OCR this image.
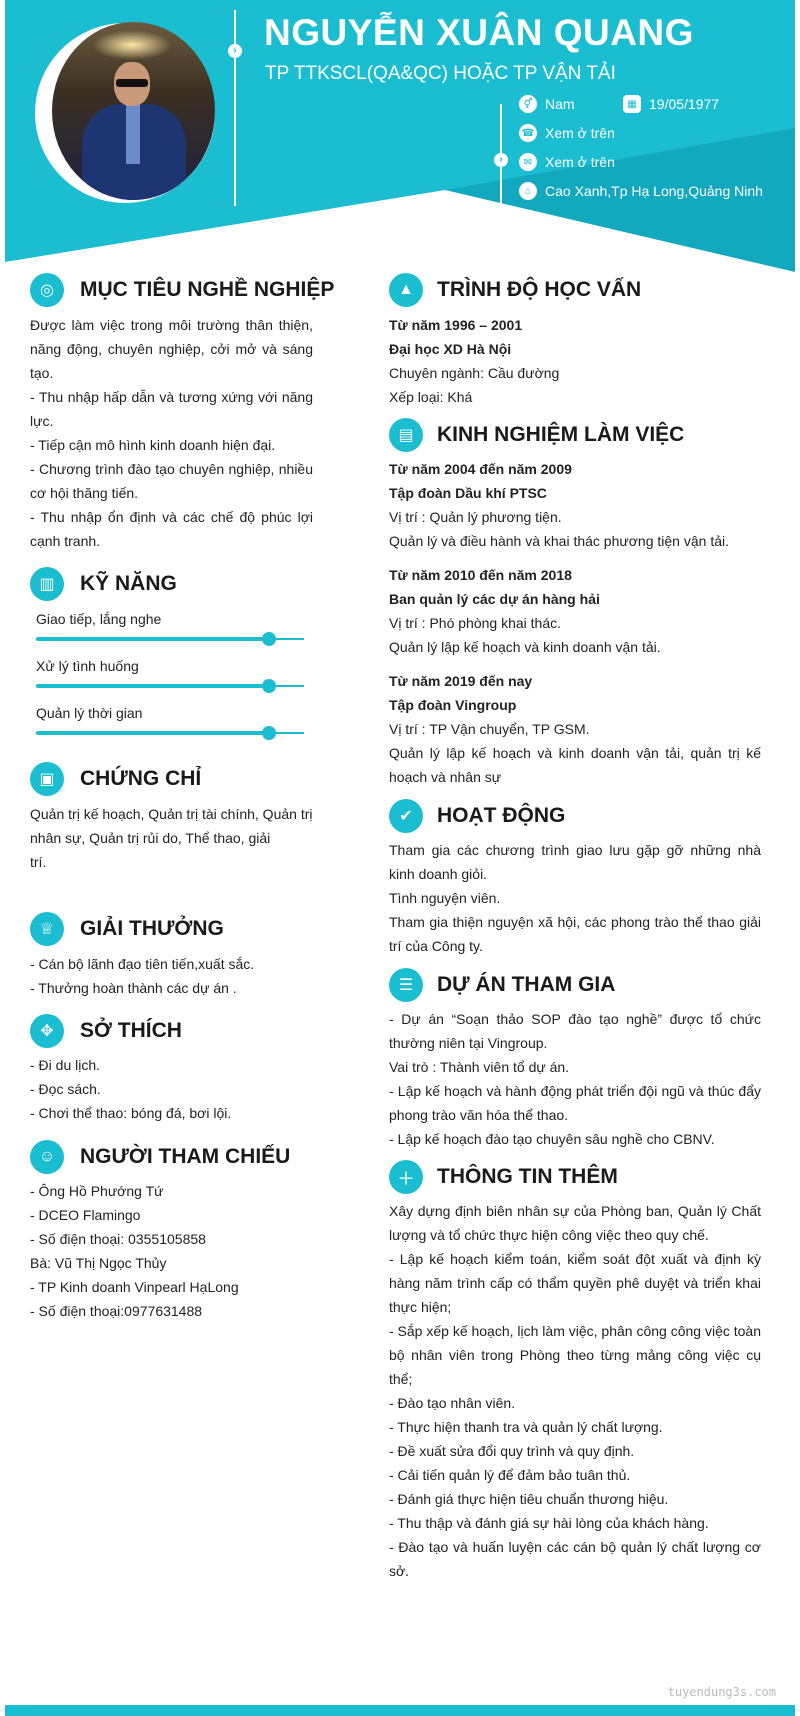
› NGUYỄN XUÂN QUANG
TP TTKSCL(QA&QC) HOẶC TP VẬN TẢI
›
⚥ Nam	▦ 19/05/1977
☎ Xem ở trên
✉ Xem ở trên
⌂ Cao Xanh,Tp Hạ Long,Quảng Ninh
◎	MỤC TIÊU NGHỀ NGHIỆP

Được làm việc trong môi trường thân thiện, năng động, chuyên nghiệp, cởi mở và sáng tạo.

- Thu nhập hấp dẫn và tương xứng với năng lực.

- Tiếp cận mô hình kinh doanh hiện đại.

- Chương trình đào tạo chuyên nghiệp, nhiều cơ hội thăng tiến.

- Thu nhập ổn định và các chế độ phúc lợi cạnh tranh.

▥	KỸ NĂNG
Giao tiếp, lắng nghe
Xử lý tình huống
Quản lý thời gian
▣	CHỨNG CHỈ

Quản trị kế hoạch, Quản trị tài chính, Quản trị

nhân sự, Quản trị rủi do, Thể thao, giải

trí.

♕	GIẢI THƯỞNG

- Cán bộ lãnh đạo tiên tiến,xuất sắc.

- Thưởng hoàn thành các dự án .

✥	SỞ THÍCH

- Đi du lịch.

- Đọc sách.

- Chơi thể thao: bóng đá, bơi lội.

☺	NGƯỜI THAM CHIẾU

- Ông Hồ Phướng Tứ

- DCEO Flamingo

- Số điện thoại: 0355105858

Bà: Vũ Thị Ngọc Thủy

- TP Kinh doanh Vinpearl HạLong

- Số điện thoại:0977631488

▲	TRÌNH ĐỘ HỌC VẤN

Từ năm 1996 – 2001

Đại học XD Hà Nội

Chuyên ngành: Cầu đường

Xếp loại: Khá

▤	KINH NGHIỆM LÀM VIỆC

Từ năm 2004 đến năm 2009

Tập đoàn Dầu khí PTSC

Vị trí : Quản lý phương tiện.

Quản lý và điều hành và khai thác phương tiện vận tải.

Từ năm 2010 đến năm 2018

Ban quản lý các dự án hàng hải

Vị trí : Phó phòng khai thác.

Quản lý lập kế hoạch và kinh doanh vận tải.

Từ năm 2019 đến nay

Tập đoàn Vingroup

Vị trí : TP Vận chuyển, TP GSM.

Quản lý lập kế hoạch và kinh doanh vận tải, quản trị kế hoạch và nhân sự

✔	HOẠT ĐỘNG

Tham gia các chương trình giao lưu gặp gỡ những nhà kinh doanh giỏi.

Tình nguyện viên.

Tham gia thiện nguyện xã hội, các phong trào thể thao giải trí của Công ty.

☰	DỰ ÁN THAM GIA

- Dự án “Soạn thảo SOP đào tạo nghề” được tổ chức thường niên tại Vingroup.

Vai trò : Thành viên tổ dự án.

- Lập kế hoạch và hành động phát triển đội ngũ và thúc đẩy phong trào văn hóa thể thao.

- Lập kế hoạch đào tạo chuyên sâu nghề cho CBNV.

＋	THÔNG TIN THÊM

Xây dựng định biên nhân sự của Phòng ban, Quản lý Chất lượng và tổ chức thực hiện công việc theo quy chế.

- Lập kế hoạch kiểm toán, kiểm soát đột xuất và định kỳ hàng năm trình cấp có thẩm quyền phê duyệt và triển khai thực hiện;

- Sắp xếp kế hoạch, lịch làm việc, phân công công việc toàn bộ nhân viên trong Phòng theo từng mảng công việc cụ thể;

- Đào tạo nhân viên.

- Thực hiện thanh tra và quản lý chất lượng.

- Đề xuất sửa đổi quy trình và quy định.

- Cải tiến quản lý để đảm bảo tuân thủ.

- Đánh giá thực hiện tiêu chuẩn thương hiệu.

- Thu thập và đánh giá sự hài lòng của khách hàng.

- Đào tạo và huấn luyện các cán bộ quản lý chất lượng cơ sở.

tuyendung3s.com
